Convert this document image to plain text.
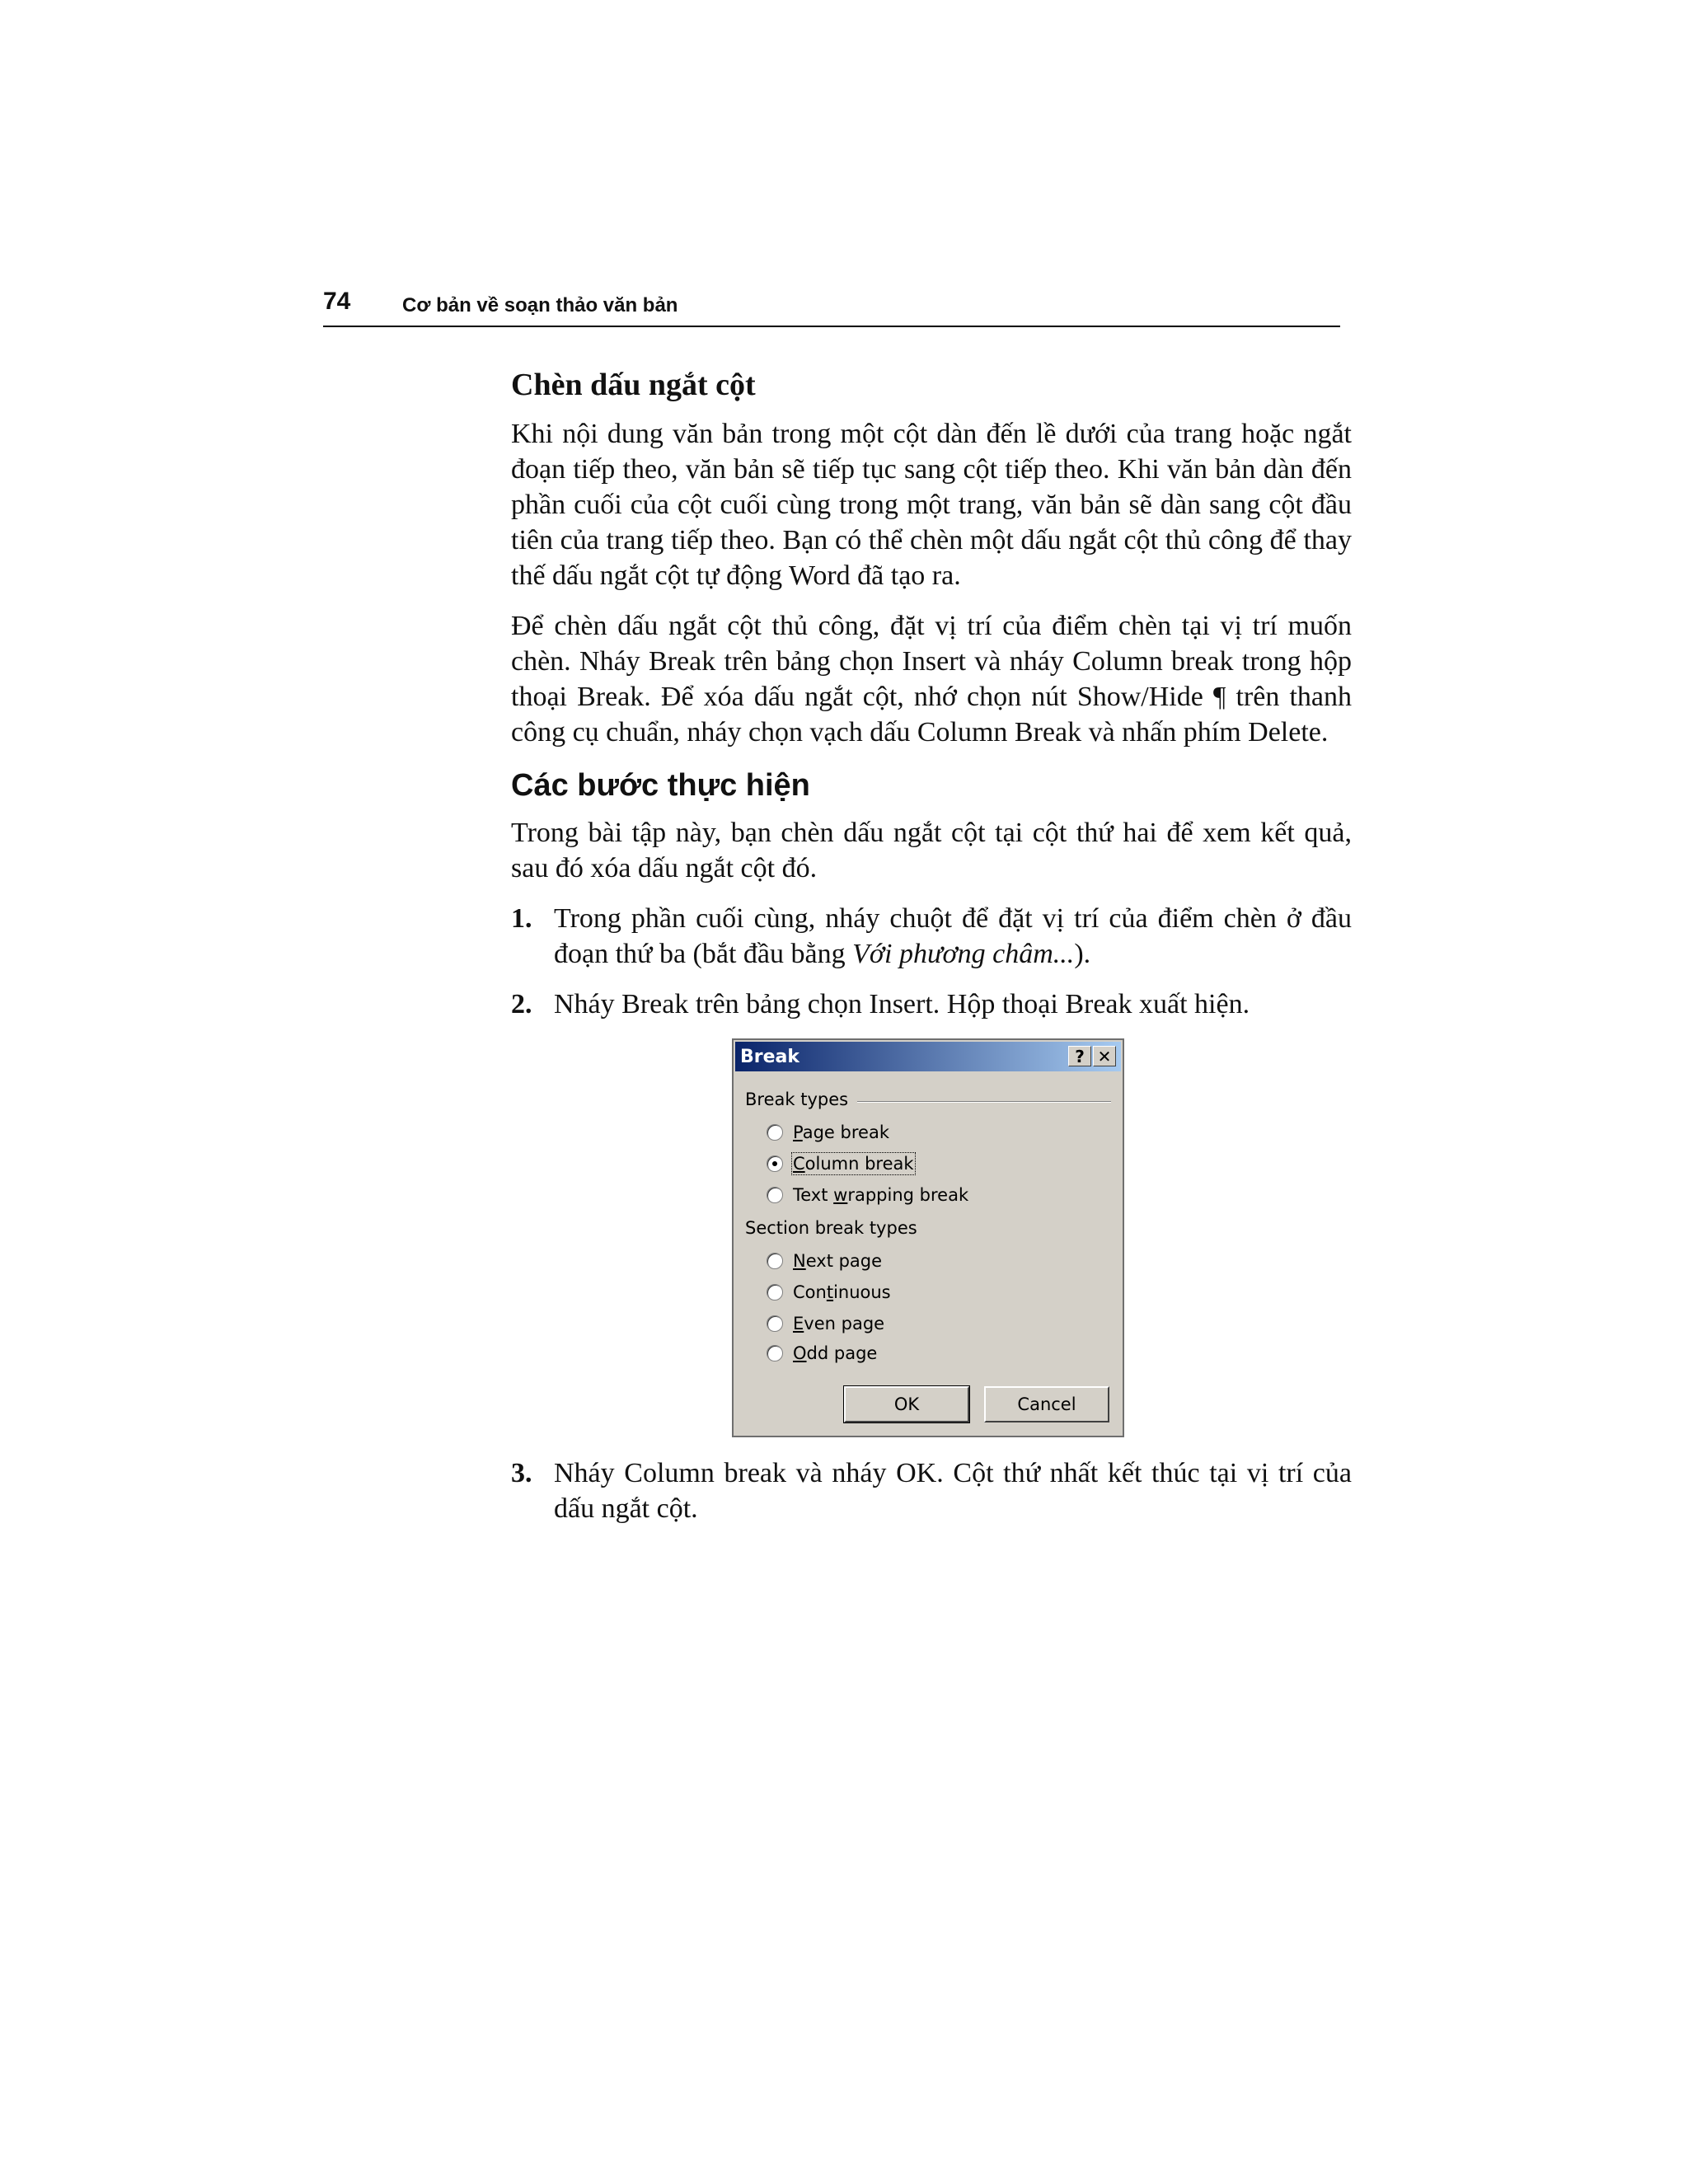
74	Cơ bản về soạn thảo văn bản
Chèn dấu ngắt cột

Khi nội dung văn bản trong một cột dàn đến lề dưới của trang hoặc ngắt đoạn tiếp theo, văn bản sẽ tiếp tục sang cột tiếp theo. Khi văn bản dàn đến phần cuối của cột cuối cùng trong một trang, văn bản sẽ dàn sang cột đầu tiên của trang tiếp theo. Bạn có thể chèn một dấu ngắt cột thủ công để thay thế dấu ngắt cột tự động Word đã tạo ra.

Để chèn dấu ngắt cột thủ công, đặt vị trí của điểm chèn tại vị trí muốn chèn. Nháy Break trên bảng chọn Insert và nháy Column break trong hộp thoại Break. Để xóa dấu ngắt cột, nhớ chọn nút Show/Hide ¶ trên thanh công cụ chuẩn, nháy chọn vạch dấu Column Break và nhấn phím Delete.

Các bước thực hiện

Trong bài tập này, bạn chèn dấu ngắt cột tại cột thứ hai để xem kết quả, sau đó xóa dấu ngắt cột đó.

1. Trong phần cuối cùng, nháy chuột để đặt vị trí của điểm chèn ở đầu đoạn thứ ba (bắt đầu bằng Với phương châm...).
2. Nháy Break trên bảng chọn Insert. Hộp thoại Break xuất hiện.
Break	? ✕
Break types
Page break
Column break
Text wrapping break
Section break types
Next page
Continuous
Even page
Odd page
OK	Cancel
3. Nháy Column break và nháy OK. Cột thứ nhất kết thúc tại vị trí của dấu ngắt cột.
